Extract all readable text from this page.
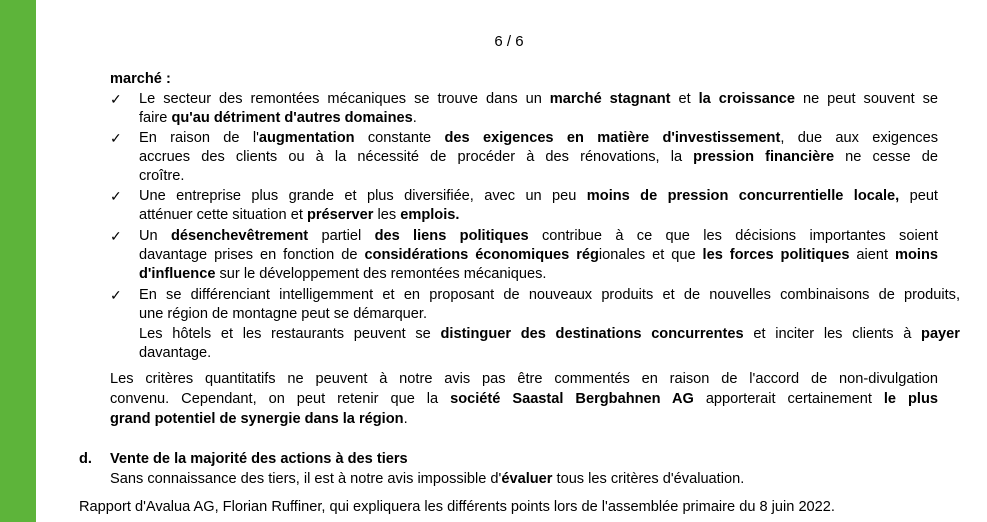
6 / 6
marché :
✓ Le secteur des remontées mécaniques se trouve dans un marché stagnant et la croissance ne peut souvent se
faire qu'au détriment d'autres domaines.
✓ En raison de l'augmentation constante des exigences en matière d'investissement, due aux exigences
accrues des clients ou à la nécessité de procéder à des rénovations, la pression financière ne cesse de
croître.
✓ Une entreprise plus grande et plus diversifiée, avec un peu moins de pression concurrentielle locale, peut
atténuer cette situation et préserver les emplois.
✓ Un désenchevêtrement partiel des liens politiques contribue à ce que les décisions importantes soient
davantage prises en fonction de considérations économiques régionales et que les forces politiques aient moins
d'influence sur le développement des remontées mécaniques.
✓ En se différenciant intelligemment et en proposant de nouveaux produits et de nouvelles combinaisons de produits,
une région de montagne peut se démarquer.
Les hôtels et les restaurants peuvent se distinguer des destinations concurrentes et inciter les clients à payer
davantage.
Les critères quantitatifs ne peuvent à notre avis pas être commentés en raison de l'accord de non-divulgation
convenu. Cependant, on peut retenir que la société Saastal Bergbahnen AG apporterait certainement le plus
grand potentiel de synergie dans la région.
d. Vente de la majorité des actions à des tiers
Sans connaissance des tiers, il est à notre avis impossible d'évaluer tous les critères d'évaluation.
Rapport d'Avalua AG, Florian Ruffiner, qui expliquera les différents points lors de l'assemblée primaire du 8 juin 2022.
